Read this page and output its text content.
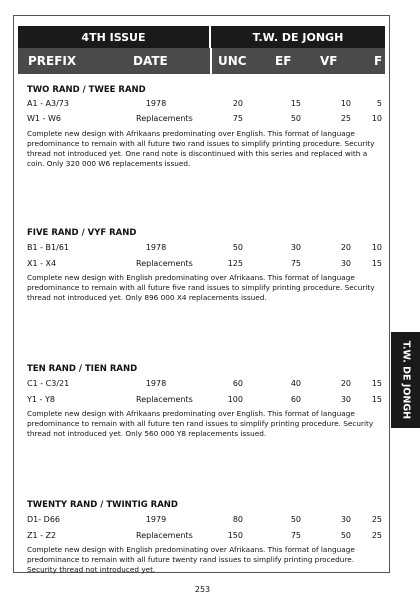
4TH ISSUE	T.W. DE JONGH
PREFIX	DATE	UNC EF VF	F
TWO RAND / TWEE RAND
A1 - A3/73	1978	20	15	10	5
W1 - W6	Replacements	75	50	25	10
Complete new design with Afrikaans predominating over English. This format of language predominance to remain with all future two rand issues to simplify printing procedure. Security thread not introduced yet. One rand note is discontinued with this series and replaced with a coin. Only 320 000 W6 replacements issued.
FIVE RAND / VYF RAND
B1 - B1/61	1978	50	30	20	10
X1 - X4	Replacements	125	75	30	15
Complete new design with English predominating over Afrikaans. This format of language predominance to remain with all future five rand issues to simplify printing procedure. Security thread not introduced yet. Only 896 000 X4 replacements issued.
TEN RAND / TIEN RAND
C1 - C3/21	1978	60	40	20	15
Y1 - Y8	Replacements	100	60	30	15
Complete new design with Afrikaans predominating over English. This format of language predominance to remain with all future ten rand issues to simplify printing procedure. Security thread not introduced yet. Only 560 000 Y8 replacements issued.
TWENTY RAND / TWINTIG RAND
D1- D66	1979	80	50	30	25
Z1 - Z2	Replacements	150	75	50	25
Complete new design with English predominating over Afrikaans. This format of language predominance to remain with all future twenty rand issues to simplify printing procedure. Security thread not introduced yet.
T.W. DE JONGH
253
